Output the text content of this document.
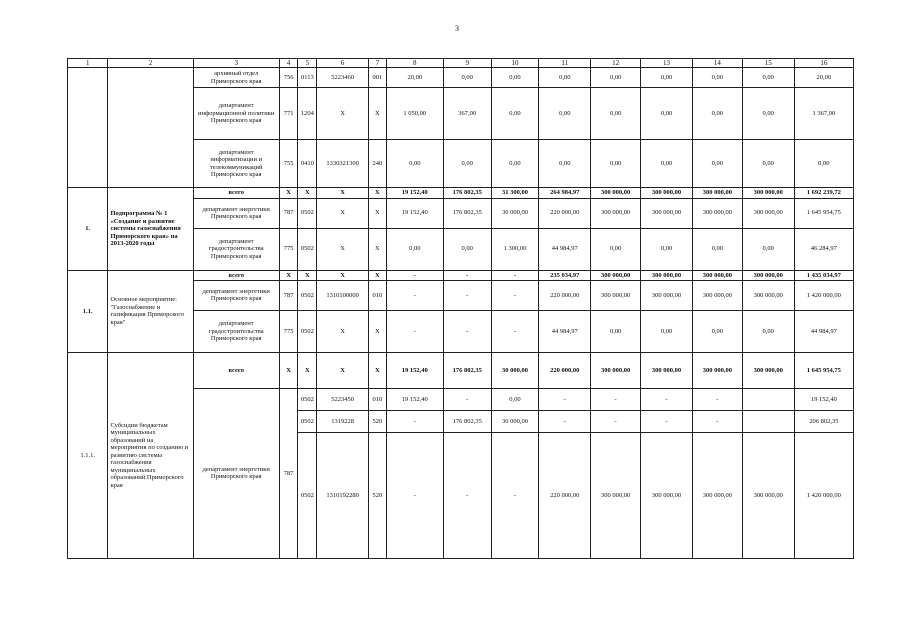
3
1	2	3	4	5	6	7	8	9	10	11	12	13	14	15	16
		архивный отдел Приморского края	756	0113	5223460	001	20,00	0,00	0,00	0,00	0,00	0,00	0,00	0,00	20,00
		департамент информационной политики Приморского края	771	1204	X	X	1 050,00	367,00	0,00	0,00	0,00	0,00	0,00	0,00	1 367,00
		департамент информатизации и телекоммуникаций Приморского края	755	0410	1330321300	240	0,00	0,00	0,00	0,00	0,00	0,00	0,00	0,00	0,00
1.	Подпрограмма № 1 «Создание и развитие системы газоснабжения Приморского края» на 2013-2020 годы	всего	X	X	X	X	19 152,40	176 802,35	31 300,00	264 984,97	300 000,00	300 000,00	300 000,00	300 000,00	1 692 239,72
		департамент энергетики Приморского края	787	0502	X	X	19 152,40	176 802,35	30 000,00	220 000,00	300 000,00	300 000,00	300 000,00	300 000,00	1 645 954,75
		департамент градостроительства Приморского края	775	0502	X	X	0,00	0,00	1 300,00	44 984,97	0,00	0,00	0,00	0,00	46 284,97
1.1.	Основное мероприятие: "Газоснабжение и газификация Приморского края"	всего	X	X	X	X	-	-	-	235 034,97	300 000,00	300 000,00	300 000,00	300 000,00	1 435 034,97
		департамент энергетики Приморского края	787	0502	1310100000	010	-	-	-	220 000,00	300 000,00	300 000,00	300 000,00	300 000,00	1 420 000,00
		департамент градостроительства Приморского края	775	0502	X	X	-	-	-	44 984,97	0,00	0,00	0,00	0,00	44 984,97
1.1.1.	Субсидии бюджетам муниципальных образований на мероприятия по созданию и развитию системы газоснабжения муниципальных образований Приморского края	всего	X	X	X	X	19 152,40	176 802,35	30 000,00	220 000,00	300 000,00	300 000,00	300 000,00	300 000,00	1 645 954,75
		департамент энергетики Приморского края	787	0502	5223450	010	19 152,40	-	0,00	-	-	-	-		19 152,40
				0502	1319228	520	-	176 802,35	30 000,00	-	-	-	-		206 802,35
				0502	1310192280	520	-	-	-	220 000,00	300 000,00	300 000,00	300 000,00	300 000,00	1 420 000,00
